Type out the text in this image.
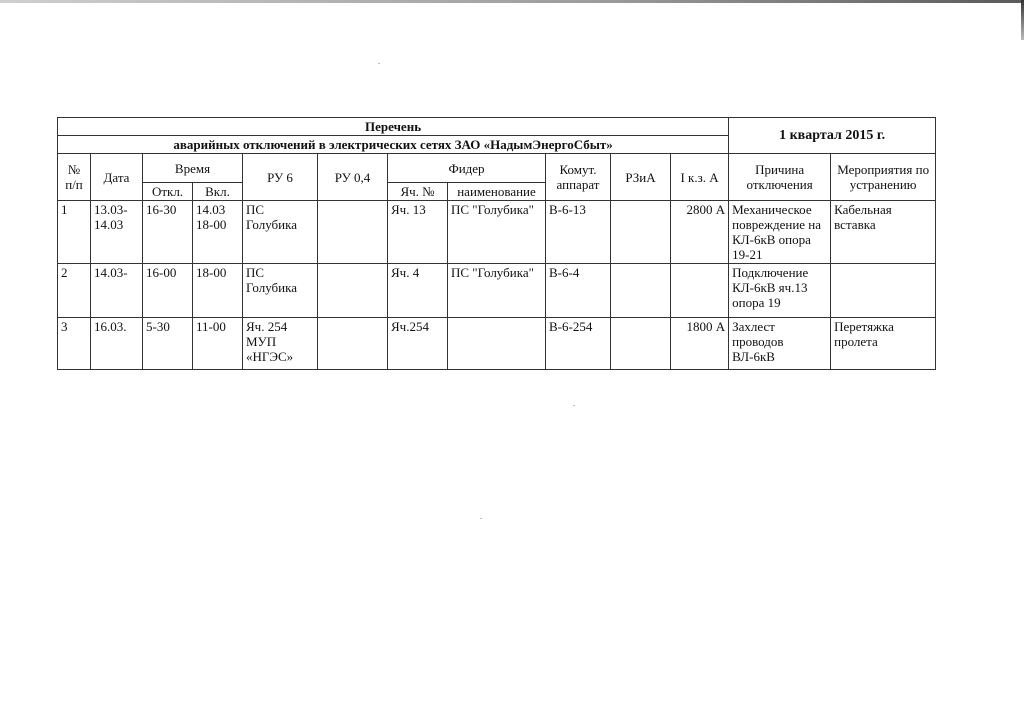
Перечень											1 квартал 2015 г.	
аварийных отключений в электрических сетях ЗАО «НадымЭнергоСбыт»												
№ п/п	Дата	Время		РУ 6	РУ 0,4	Фидер		Комут. аппарат	РЗиА	I к.з. А	Причина отключения	Мероприятия по устранению
		Откл.	Вкл.			Яч. №	наименование					
1	13.03-14.03	16-30	14.03 18-00	ПС Голубика		Яч. 13	ПС "Голубика"	В-6-13		2800 А	Механическое повреждение на КЛ-6кВ опора 19-21	Кабельная вставка
2	14.03-	16-00	18-00	ПС Голубика		Яч. 4	ПС "Голубика"	В-6-4			Подключение КЛ-6кВ яч.13 опора 19	
3	16.03.	5-30	11-00	Яч. 254 МУП «НГЭС»		Яч.254		В-6-254		1800 А	Захлест проводов ВЛ-6кВ	Перетяжка пролета
